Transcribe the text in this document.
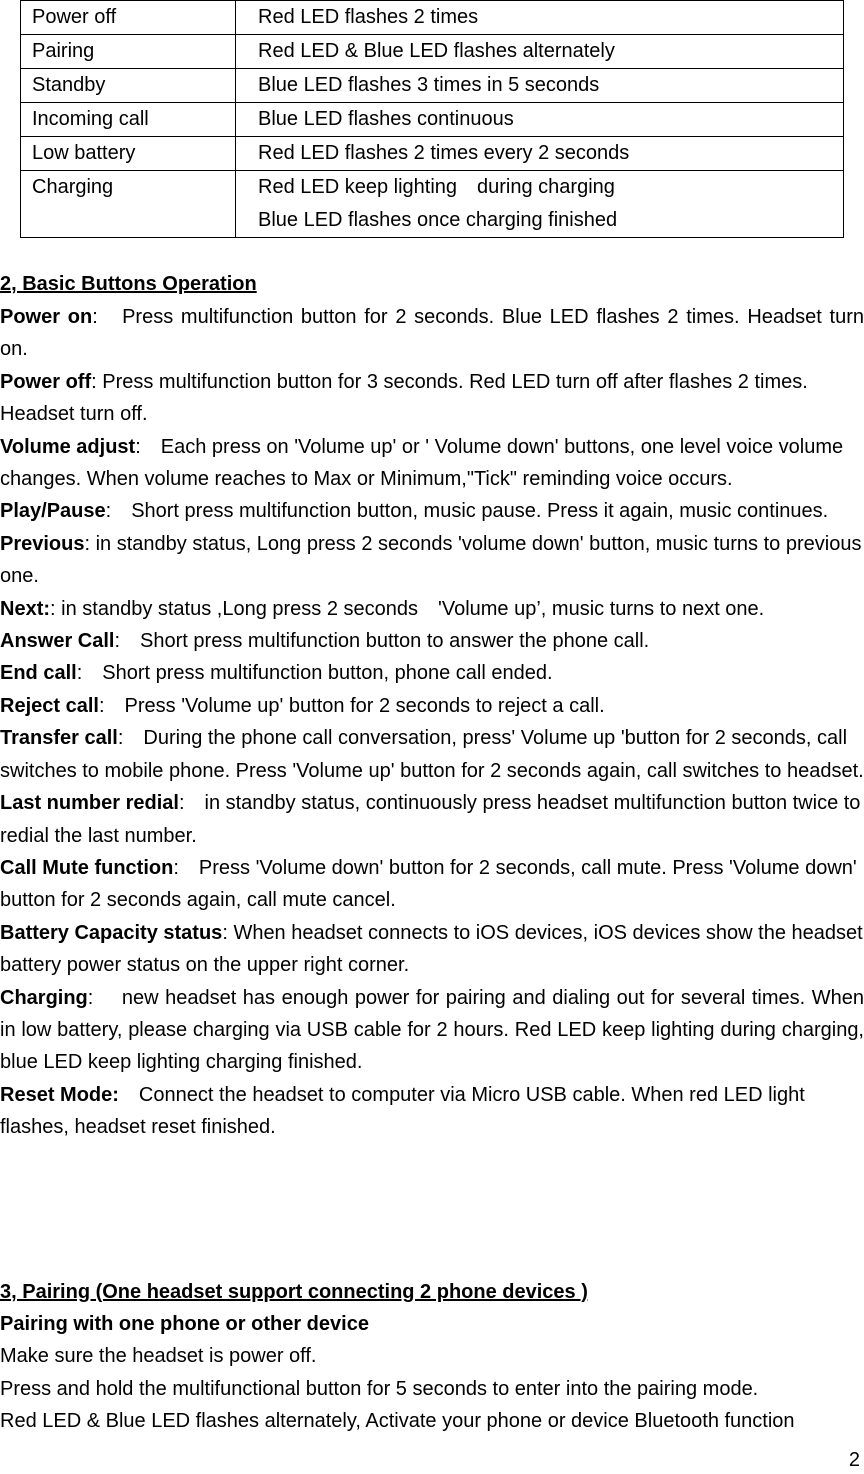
Power off	Red LED flashes 2 times

Pairing	Red LED & Blue LED flashes alternately

Standby	Blue LED flashes 3 times in 5 seconds

Incoming call	Blue LED flashes continuous

Low battery	Red LED flashes 2 times every 2 seconds

Charging	Red LED keep lighting　during charging
Blue LED flashes once charging finished
2, Basic Buttons Operation

Power on:　Press multifunction button for 2 seconds. Blue LED flashes 2 times. Headset turn on.

Power off: Press multifunction button for 3 seconds. Red LED turn off after flashes 2 times. Headset turn off.

Volume adjust:　Each press on 'Volume up' or ' Volume down' buttons, one level voice volume changes. When volume reaches to Max or Minimum,"Tick" reminding voice occurs.

Play/Pause:　Short press multifunction button, music pause. Press it again, music continues.

Previous: in standby status, Long press 2 seconds 'volume down' button, music turns to previous one.

Next:: in standby status ,Long press 2 seconds　'Volume up’, music turns to next one.

Answer Call:　Short press multifunction button to answer the phone call.

End call:　Short press multifunction button, phone call ended.

Reject call:　Press 'Volume up' button for 2 seconds to reject a call.

Transfer call:　During the phone call conversation, press' Volume up 'button for 2 seconds, call switches to mobile phone. Press 'Volume up' button for 2 seconds again, call switches to headset.

Last number redial:　in standby status, continuously press headset multifunction button twice to redial the last number.

Call Mute function:　Press 'Volume down' button for 2 seconds, call mute. Press 'Volume down' button for 2 seconds again, call mute cancel.

Battery Capacity status: When headset connects to iOS devices, iOS devices show the headset battery power status on the upper right corner.

Charging:　 new headset has enough power for pairing and dialing out for several times. When in low battery, please charging via USB cable for 2 hours. Red LED keep lighting during charging, blue LED keep lighting charging finished.

Reset Mode:　 Connect the headset to computer via Micro USB cable. When red LED light flashes, headset reset finished.

3, Pairing (One headset support connecting 2 phone devices )

Pairing with one phone or other device

Make sure the headset is power off.

Press and hold the multifunctional button for 5 seconds to enter into the pairing mode.

Red LED & Blue LED flashes alternately, Activate your phone or device Bluetooth function

2
